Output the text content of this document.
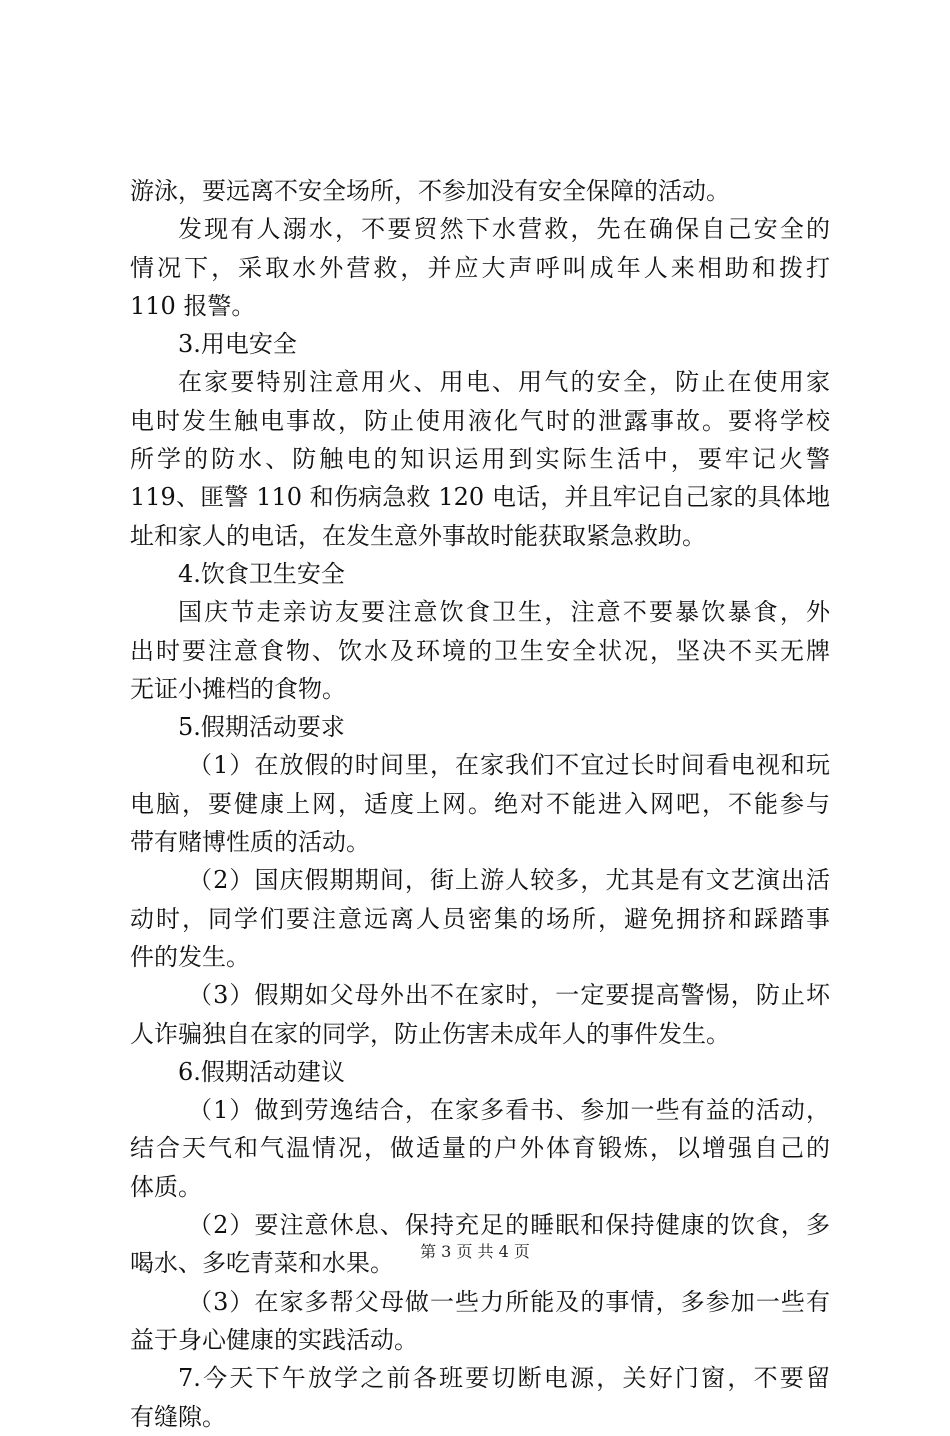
游泳，要远离不安全场所，不参加没有安全保障的活动。
发现有人溺水，不要贸然下水营救，先在确保自己安全的
情况下，采取水外营救，并应大声呼叫成年人来相助和拨打
110 报警。
3.用电安全
在家要特别注意用火、用电、用气的安全，防止在使用家
电时发生触电事故，防止使用液化气时的泄露事故。要将学校
所学的防水、防触电的知识运用到实际生活中，要牢记火警
119、匪警 110 和伤病急救 120 电话，并且牢记自己家的具体地
址和家人的电话，在发生意外事故时能获取紧急救助。
4.饮食卫生安全
国庆节走亲访友要注意饮食卫生，注意不要暴饮暴食，外
出时要注意食物、饮水及环境的卫生安全状况，坚决不买无牌
无证小摊档的食物。
5.假期活动要求
（1）在放假的时间里，在家我们不宜过长时间看电视和玩
电脑，要健康上网，适度上网。绝对不能进入网吧，不能参与
带有赌博性质的活动。
（2）国庆假期期间，街上游人较多，尤其是有文艺演出活
动时，同学们要注意远离人员密集的场所，避免拥挤和踩踏事
件的发生。
（3）假期如父母外出不在家时，一定要提高警惕，防止坏
人诈骗独自在家的同学，防止伤害未成年人的事件发生。
6.假期活动建议
（1）做到劳逸结合，在家多看书、参加一些有益的活动，
结合天气和气温情况，做适量的户外体育锻炼，以增强自己的
体质。
（2）要注意休息、保持充足的睡眠和保持健康的饮食，多
喝水、多吃青菜和水果。
（3）在家多帮父母做一些力所能及的事情，多参加一些有
益于身心健康的实践活动。
7.今天下午放学之前各班要切断电源，关好门窗，不要留
有缝隙。
第 3 页 共 4 页
